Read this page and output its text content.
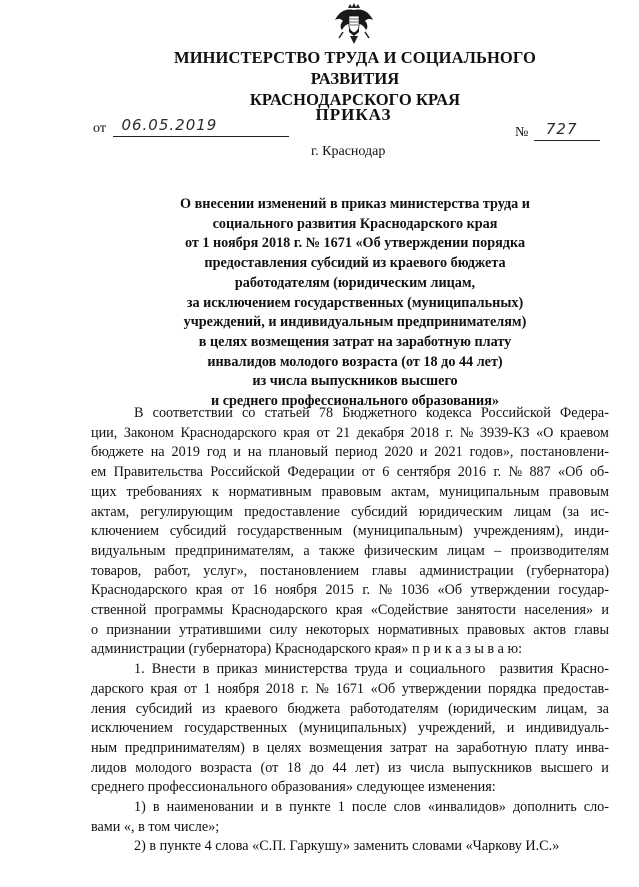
МИНИСТЕРСТВО ТРУДА И СОЦИАЛЬНОГО РАЗВИТИЯ
КРАСНОДАРСКОГО КРАЯ
ПРИКАЗ
от 06.05.2019	№ 727
г. Краснодар
О внесении изменений в приказ министерства труда и
социального развития Краснодарского края
от 1 ноября 2018 г. № 1671 «Об утверждении порядка
предоставления субсидий из краевого бюджета
работодателям (юридическим лицам,
за исключением государственных (муниципальных)
учреждений, и индивидуальным предпринимателям)
в целях возмещения затрат на заработную плату
инвалидов молодого возраста (от 18 до 44 лет)
из числа выпускников высшего
и среднего профессионального образования»
В соответствии со статьей 78 Бюджетного кодекса Российской Федера-
ции, Законом Краснодарского края от 21 декабря 2018 г. № 3939-КЗ «О краевом
бюджете на 2019 год и на плановый период 2020 и 2021 годов», постановлени-
ем Правительства Российской Федерации от 6 сентября 2016 г. № 887 «Об об-
щих требованиях к нормативным правовым актам, муниципальным правовым
актам, регулирующим предоставление субсидий юридическим лицам (за ис-
ключением субсидий государственным (муниципальным) учреждениям), инди-
видуальным предпринимателям, а также физическим лицам – производителям
товаров, работ, услуг», постановлением главы администрации (губернатора)
Краснодарского края от 16 ноября 2015 г. № 1036 «Об утверждении государ-
ственной программы Краснодарского края «Содействие занятости населения» и
о признании утратившими силу некоторых нормативных правовых актов главы
администрации (губернатора) Краснодарского края» п р и к а з ы в а ю:
1. Внести в приказ министерства труда и социального развития Красно-
дарского края от 1 ноября 2018 г. № 1671 «Об утверждении порядка предостав-
ления субсидий из краевого бюджета работодателям (юридическим лицам, за
исключением государственных (муниципальных) учреждений, и индивидуаль-
ным предпринимателям) в целях возмещения затрат на заработную плату инва-
лидов молодого возраста (от 18 до 44 лет) из числа выпускников высшего и
среднего профессионального образования» следующее изменения:
1) в наименовании и в пункте 1 после слов «инвалидов» дополнить сло-
вами «, в том числе»;
2) в пункте 4 слова «С.П. Гаркушу» заменить словами «Чаркову И.С.»
